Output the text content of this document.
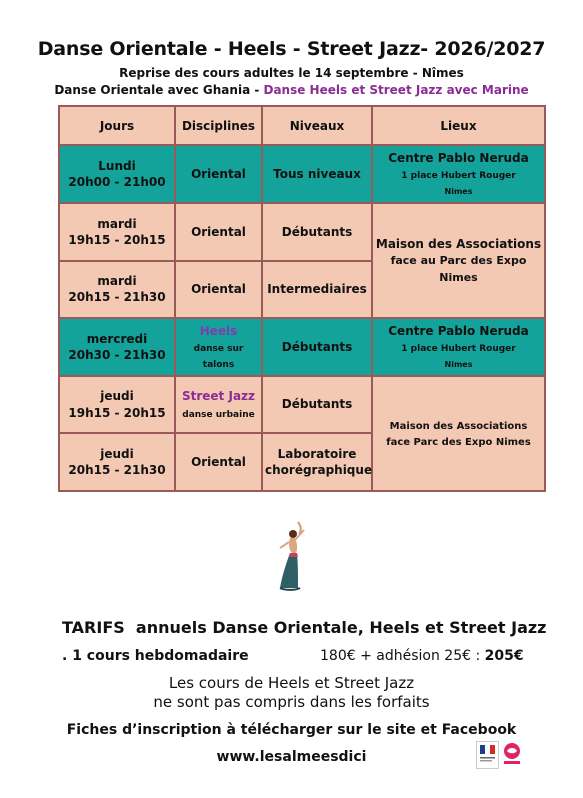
Danse Orientale - Heels - Street Jazz- 2026/2027
Reprise des cours adultes le 14 septembre - Nîmes
Danse Orientale avec Ghania - Danse Heels et Street Jazz avec Marine
Jours	Disciplines	Niveaux	Lieux
Lundi
20h00 - 21h00	Oriental	Tous niveaux	Centre Pablo Neruda
1 place Hubert Rouger
Nimes
mardi
19h15 - 20h15	Oriental	Débutants	Maison des Associations
face au Parc des Expo
Nimes
mardi
20h15 - 21h30	Oriental	Intermediaires	
mercredi
20h30 - 21h30	Heels
danse sur talons	Débutants	Centre Pablo Neruda
1 place Hubert Rouger
Nimes
jeudi
19h15 - 20h15	Street Jazz
danse urbaine	Débutants	Maison des Associations
face Parc des Expo Nimes
jeudi
20h15 - 21h30	Oriental	Laboratoire
chorégraphique	
TARIFS annuels Danse Orientale, Heels et Street Jazz
. 1 cours hebdomadaire	180€ + adhésion 25€ : 205€
Les cours de Heels et Street Jazz
ne sont pas compris dans les forfaits
Fiches d’inscription à télécharger sur le site et Facebook
www.lesalmeesdici
